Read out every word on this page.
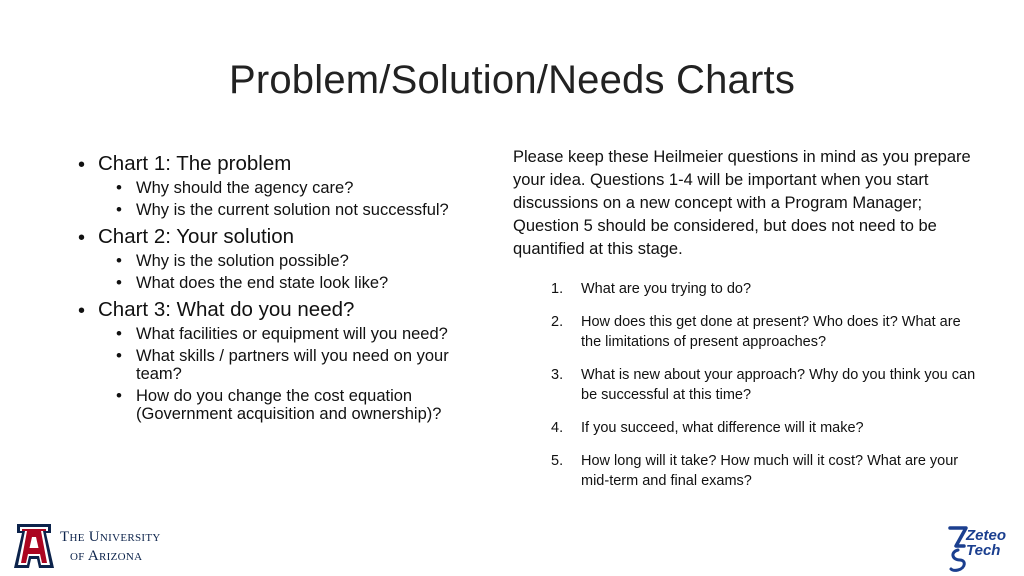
Problem/Solution/Needs Charts
• Chart 1: The problem
• Why should the agency care?
• Why is the current solution not successful?
• Chart 2: Your solution
• Why is the solution possible?
• What does the end state look like?
• Chart 3: What do you need?
• What facilities or equipment will you need?
• What skills / partners will you need on your team?
• How do you change the cost equation (Government acquisition and ownership)?

Please keep these Heilmeier questions in mind as you prepare your idea. Questions 1-4 will be important when you start discussions on a new concept with a Program Manager; Question 5 should be considered, but does not need to be quantified at this stage.

1. What are you trying to do?
2. How does this get done at present? Who does it? What are the limitations of present approaches?
3. What is new about your approach? Why do you think you can be successful at this time?
4. If you succeed, what difference will it make?
5. How long will it take? How much will it cost? What are your mid-term and final exams?
The University
of Arizona
Zeteo
Tech
